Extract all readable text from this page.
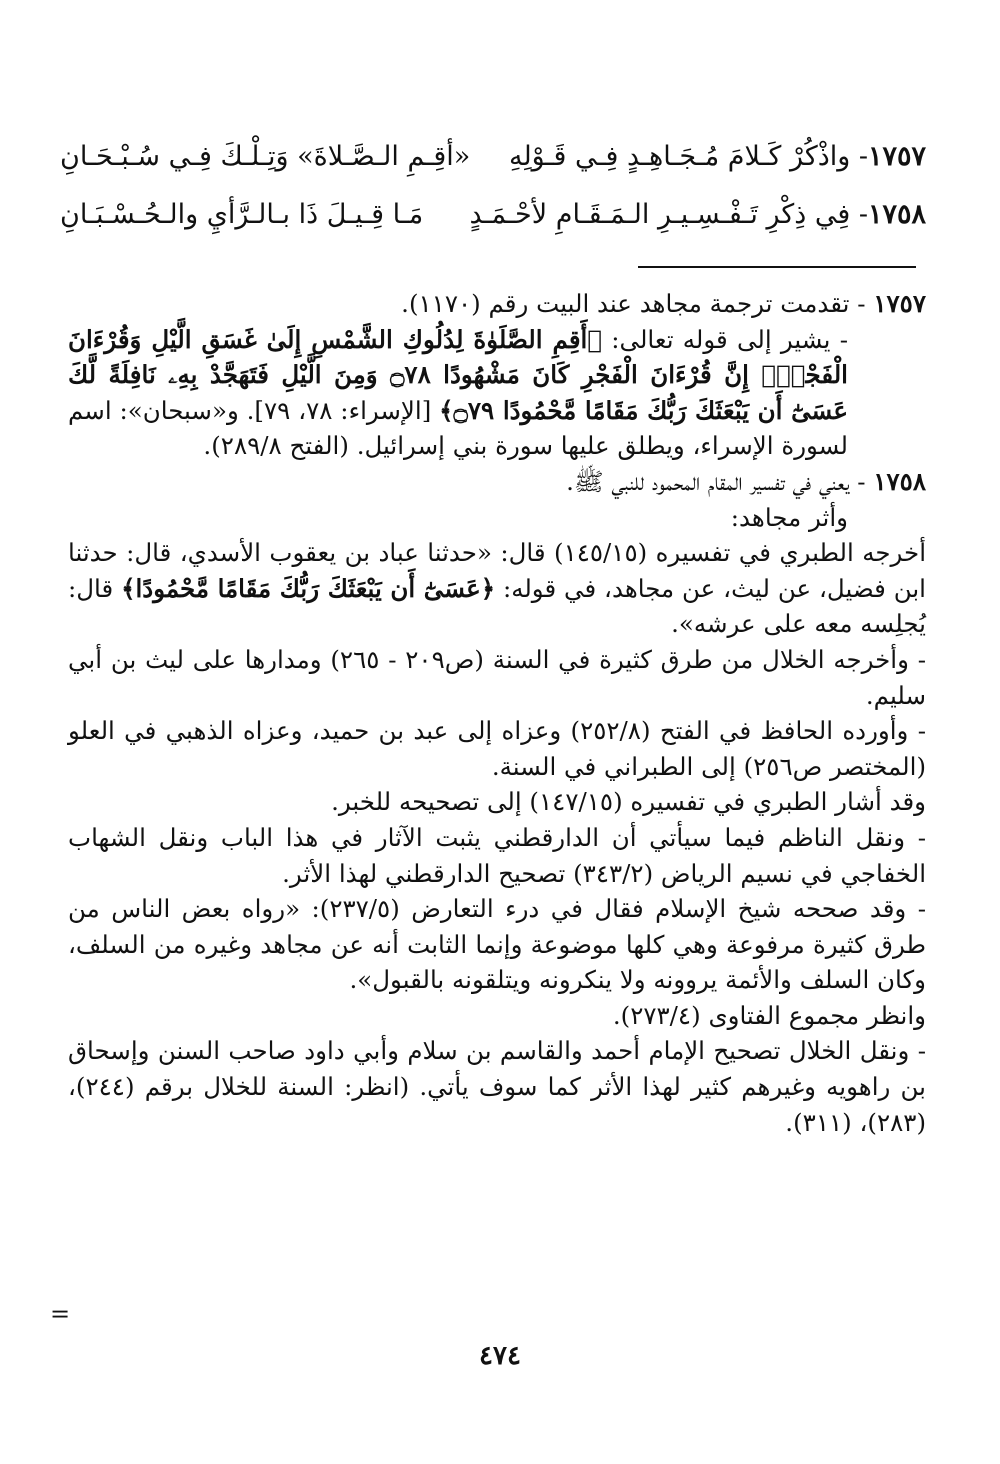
١٧٥٧
- واذْكُرْ كَـلامَ مُـجَـاهِـدٍ فِـي قَـوْلِهِ
«أقِـمِ الـصَّـلاةَ» وَتِـلْـكَ فِـي سُـبْـحَـانِ
١٧٥٨
- فِي ذِكْرِ تَـفْـسِـيـرِ الـمَـقَـامِ لأحْـمَـدٍ
مَـا قِـيـلَ ذَا بـالـرَّأيِ والـحُـسْـبَـانِ

١٧٥٧ - تقدمت ترجمة مجاهد عند البيت رقم (١١٧٠).

- يشير إلى قوله تعالى: ﴿أَقِمِ الصَّلَوٰةَ لِدُلُوكِ الشَّمْسِ إِلَىٰ غَسَقِ الَّيْلِ وَقُرْءَانَ الْفَجْرِۖ إِنَّ قُرْءَانَ الْفَجْرِ كَانَ مَشْهُودًا ۝٧٨ وَمِنَ الَّيْلِ فَتَهَجَّدْ بِهِۦ نَافِلَةً لَّكَ عَسَىٰٓ أَن يَبْعَثَكَ رَبُّكَ مَقَامًا مَّحْمُودًا ۝٧٩﴾ [الإسراء: ٧٨، ٧٩]. و«سبحان»: اسم لسورة الإسراء، ويطلق عليها سورة بني إسرائيل. (الفتح ٢٨٩/٨).

١٧٥٨ - يعني في تفسير المقام المحمود للنبي ﷺ.

وأثر مجاهد:

أخرجه الطبري في تفسيره (١٤٥/١٥) قال: «حدثنا عباد بن يعقوب الأسدي، قال: حدثنا ابن فضيل، عن ليث، عن مجاهد، في قوله: ﴿عَسَىٰٓ أَن يَبْعَثَكَ رَبُّكَ مَقَامًا مَّحْمُودًا﴾ قال: يُجلِسه معه على عرشه».

- وأخرجه الخلال من طرق كثيرة في السنة (ص٢٠٩ - ٢٦٥) ومدارها على ليث بن أبي سليم.

- وأورده الحافظ في الفتح (٢٥٢/٨) وعزاه إلى عبد بن حميد، وعزاه الذهبي في العلو (المختصر ص٢٥٦) إلى الطبراني في السنة.

وقد أشار الطبري في تفسيره (١٤٧/١٥) إلى تصحيحه للخبر.

- ونقل الناظم فيما سيأتي أن الدارقطني يثبت الآثار في هذا الباب ونقل الشهاب الخفاجي في نسيم الرياض (٣٤٣/٢) تصحيح الدارقطني لهذا الأثر.

- وقد صححه شيخ الإسلام فقال في درء التعارض (٢٣٧/٥): «رواه بعض الناس من طرق كثيرة مرفوعة وهي كلها موضوعة وإنما الثابت أنه عن مجاهد وغيره من السلف، وكان السلف والأئمة يروونه ولا ينكرونه ويتلقونه بالقبول».

وانظر مجموع الفتاوى (٢٧٣/٤).

- ونقل الخلال تصحيح الإمام أحمد والقاسم بن سلام وأبي داود صاحب السنن وإسحاق بن راهويه وغيرهم كثير لهذا الأثر كما سوف يأتي. (انظر: السنة للخلال برقم (٢٤٤)، (٢٨٣)، (٣١١).

=
٤٧٤
